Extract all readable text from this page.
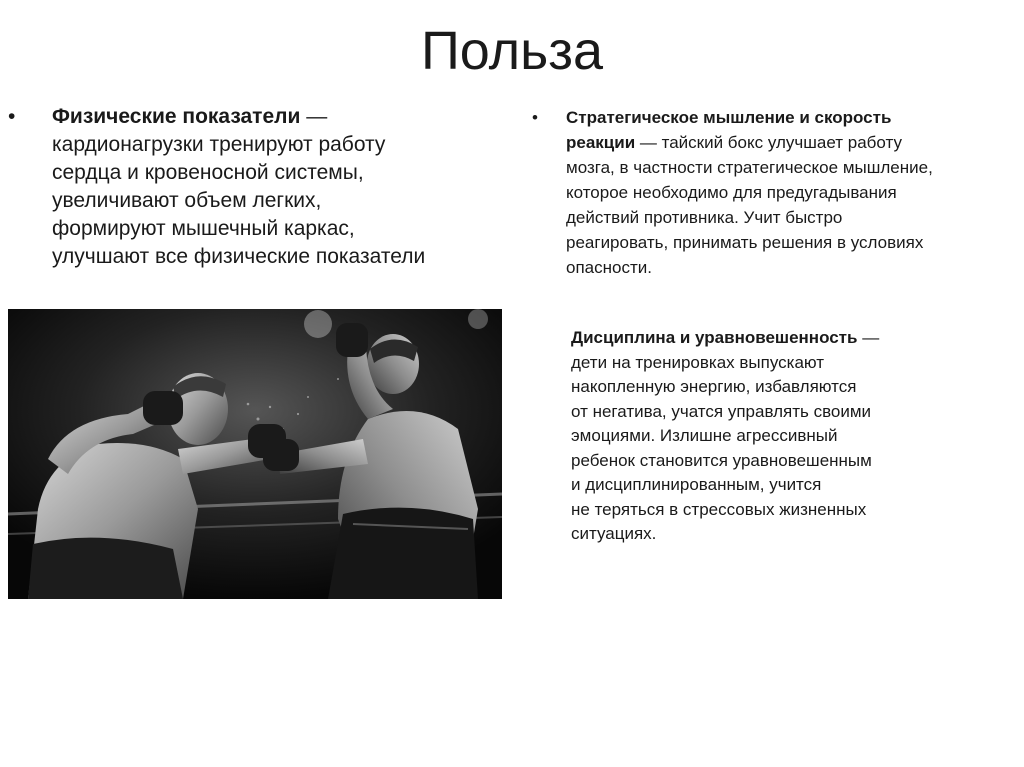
Польза
• Физические показатели —
кардионагрузки тренируют работу
сердца и кровеносной системы,
увеличивают объем легких,
формируют мышечный каркас,
улучшают все физические показатели
• Стратегическое мышление и скорость
реакции — тайский бокс улучшает работу
мозга, в частности стратегическое мышление,
которое необходимо для предугадывания
действий противника. Учит быстро
реагировать, принимать решения в условиях
опасности.
Дисциплина и уравновешенность —
дети на тренировках выпускают
накопленную энергию, избавляются
от негатива, учатся управлять своими
эмоциями. Излишне агрессивный
ребенок становится уравновешенным
и дисциплинированным, учится
не теряться в стрессовых жизненных
ситуациях.
